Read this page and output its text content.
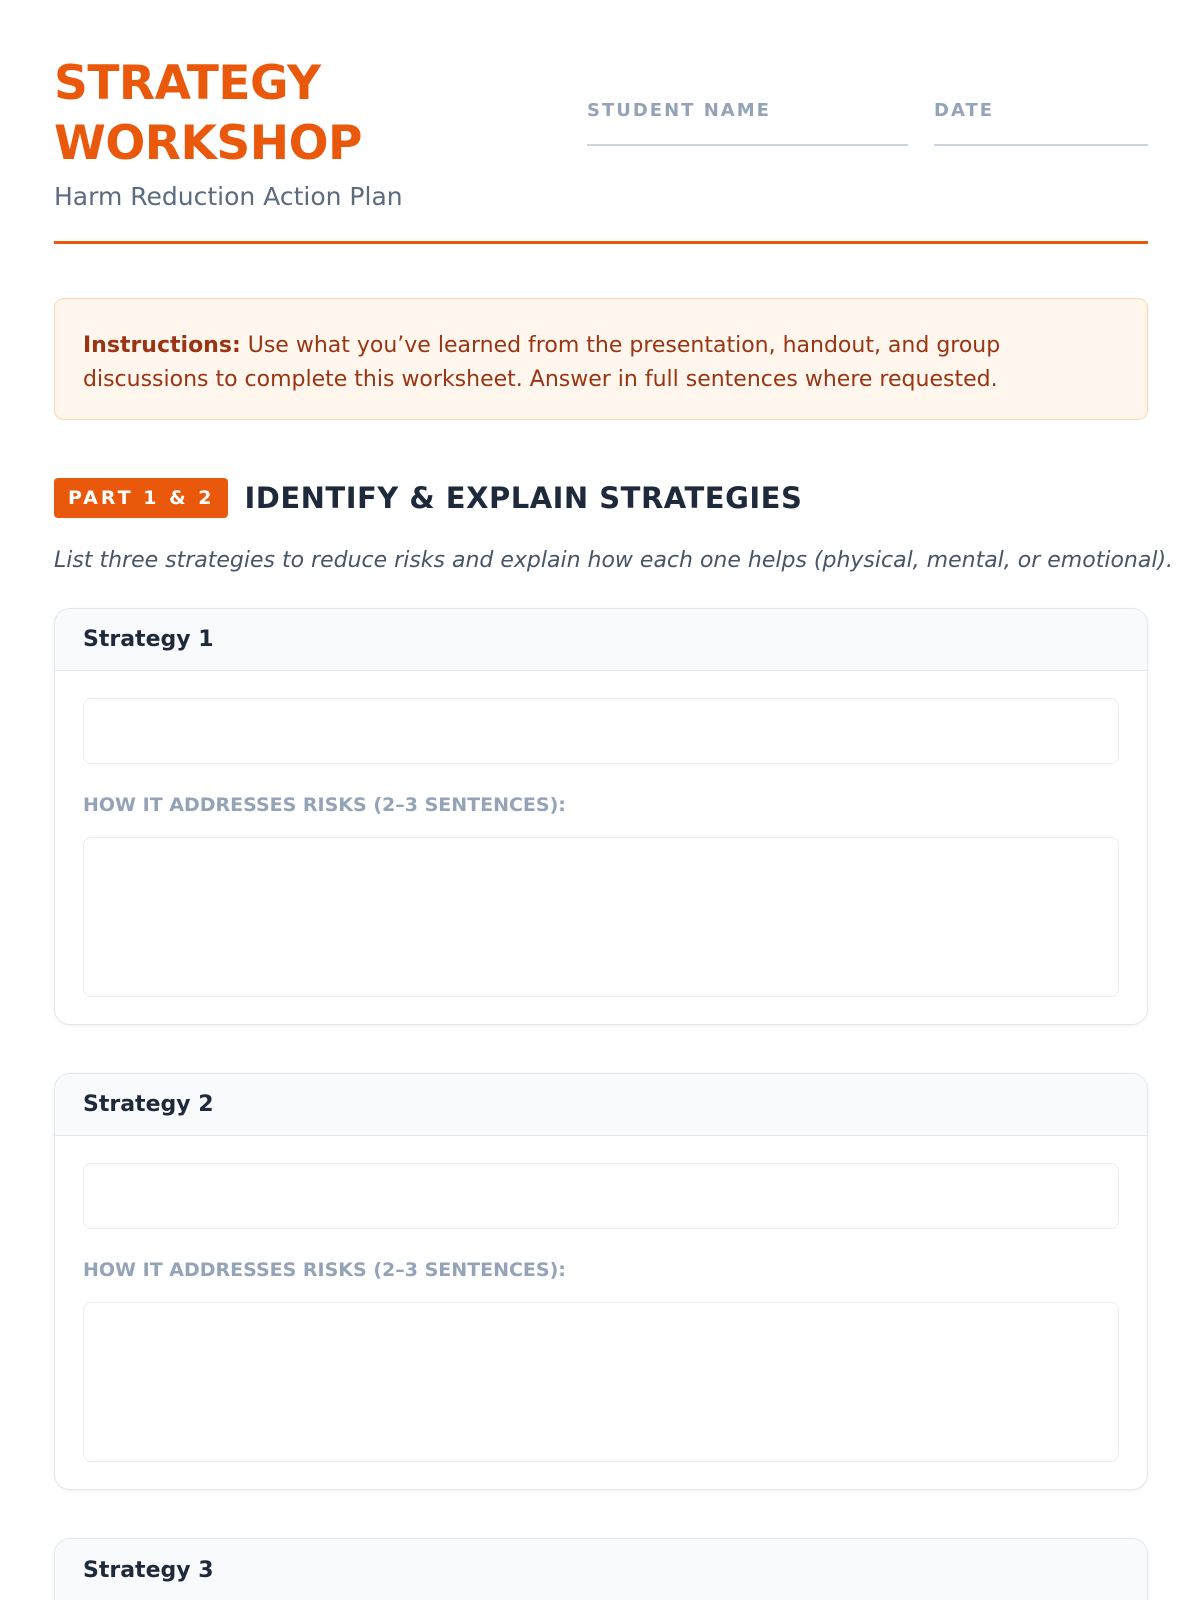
STRATEGY
WORKSHOP
Harm Reduction Action Plan
STUDENT NAME	DATE
Instructions: Use what you’ve learned from the presentation, handout, and group discussions to complete this worksheet. Answer in full sentences where requested.
PART 1 & 2	IDENTIFY & EXPLAIN STRATEGIES
List three strategies to reduce risks and explain how each one helps (physical, mental, or emotional).
Strategy 1
HOW IT ADDRESSES RISKS (2–3 SENTENCES):
Strategy 2
HOW IT ADDRESSES RISKS (2–3 SENTENCES):
Strategy 3
